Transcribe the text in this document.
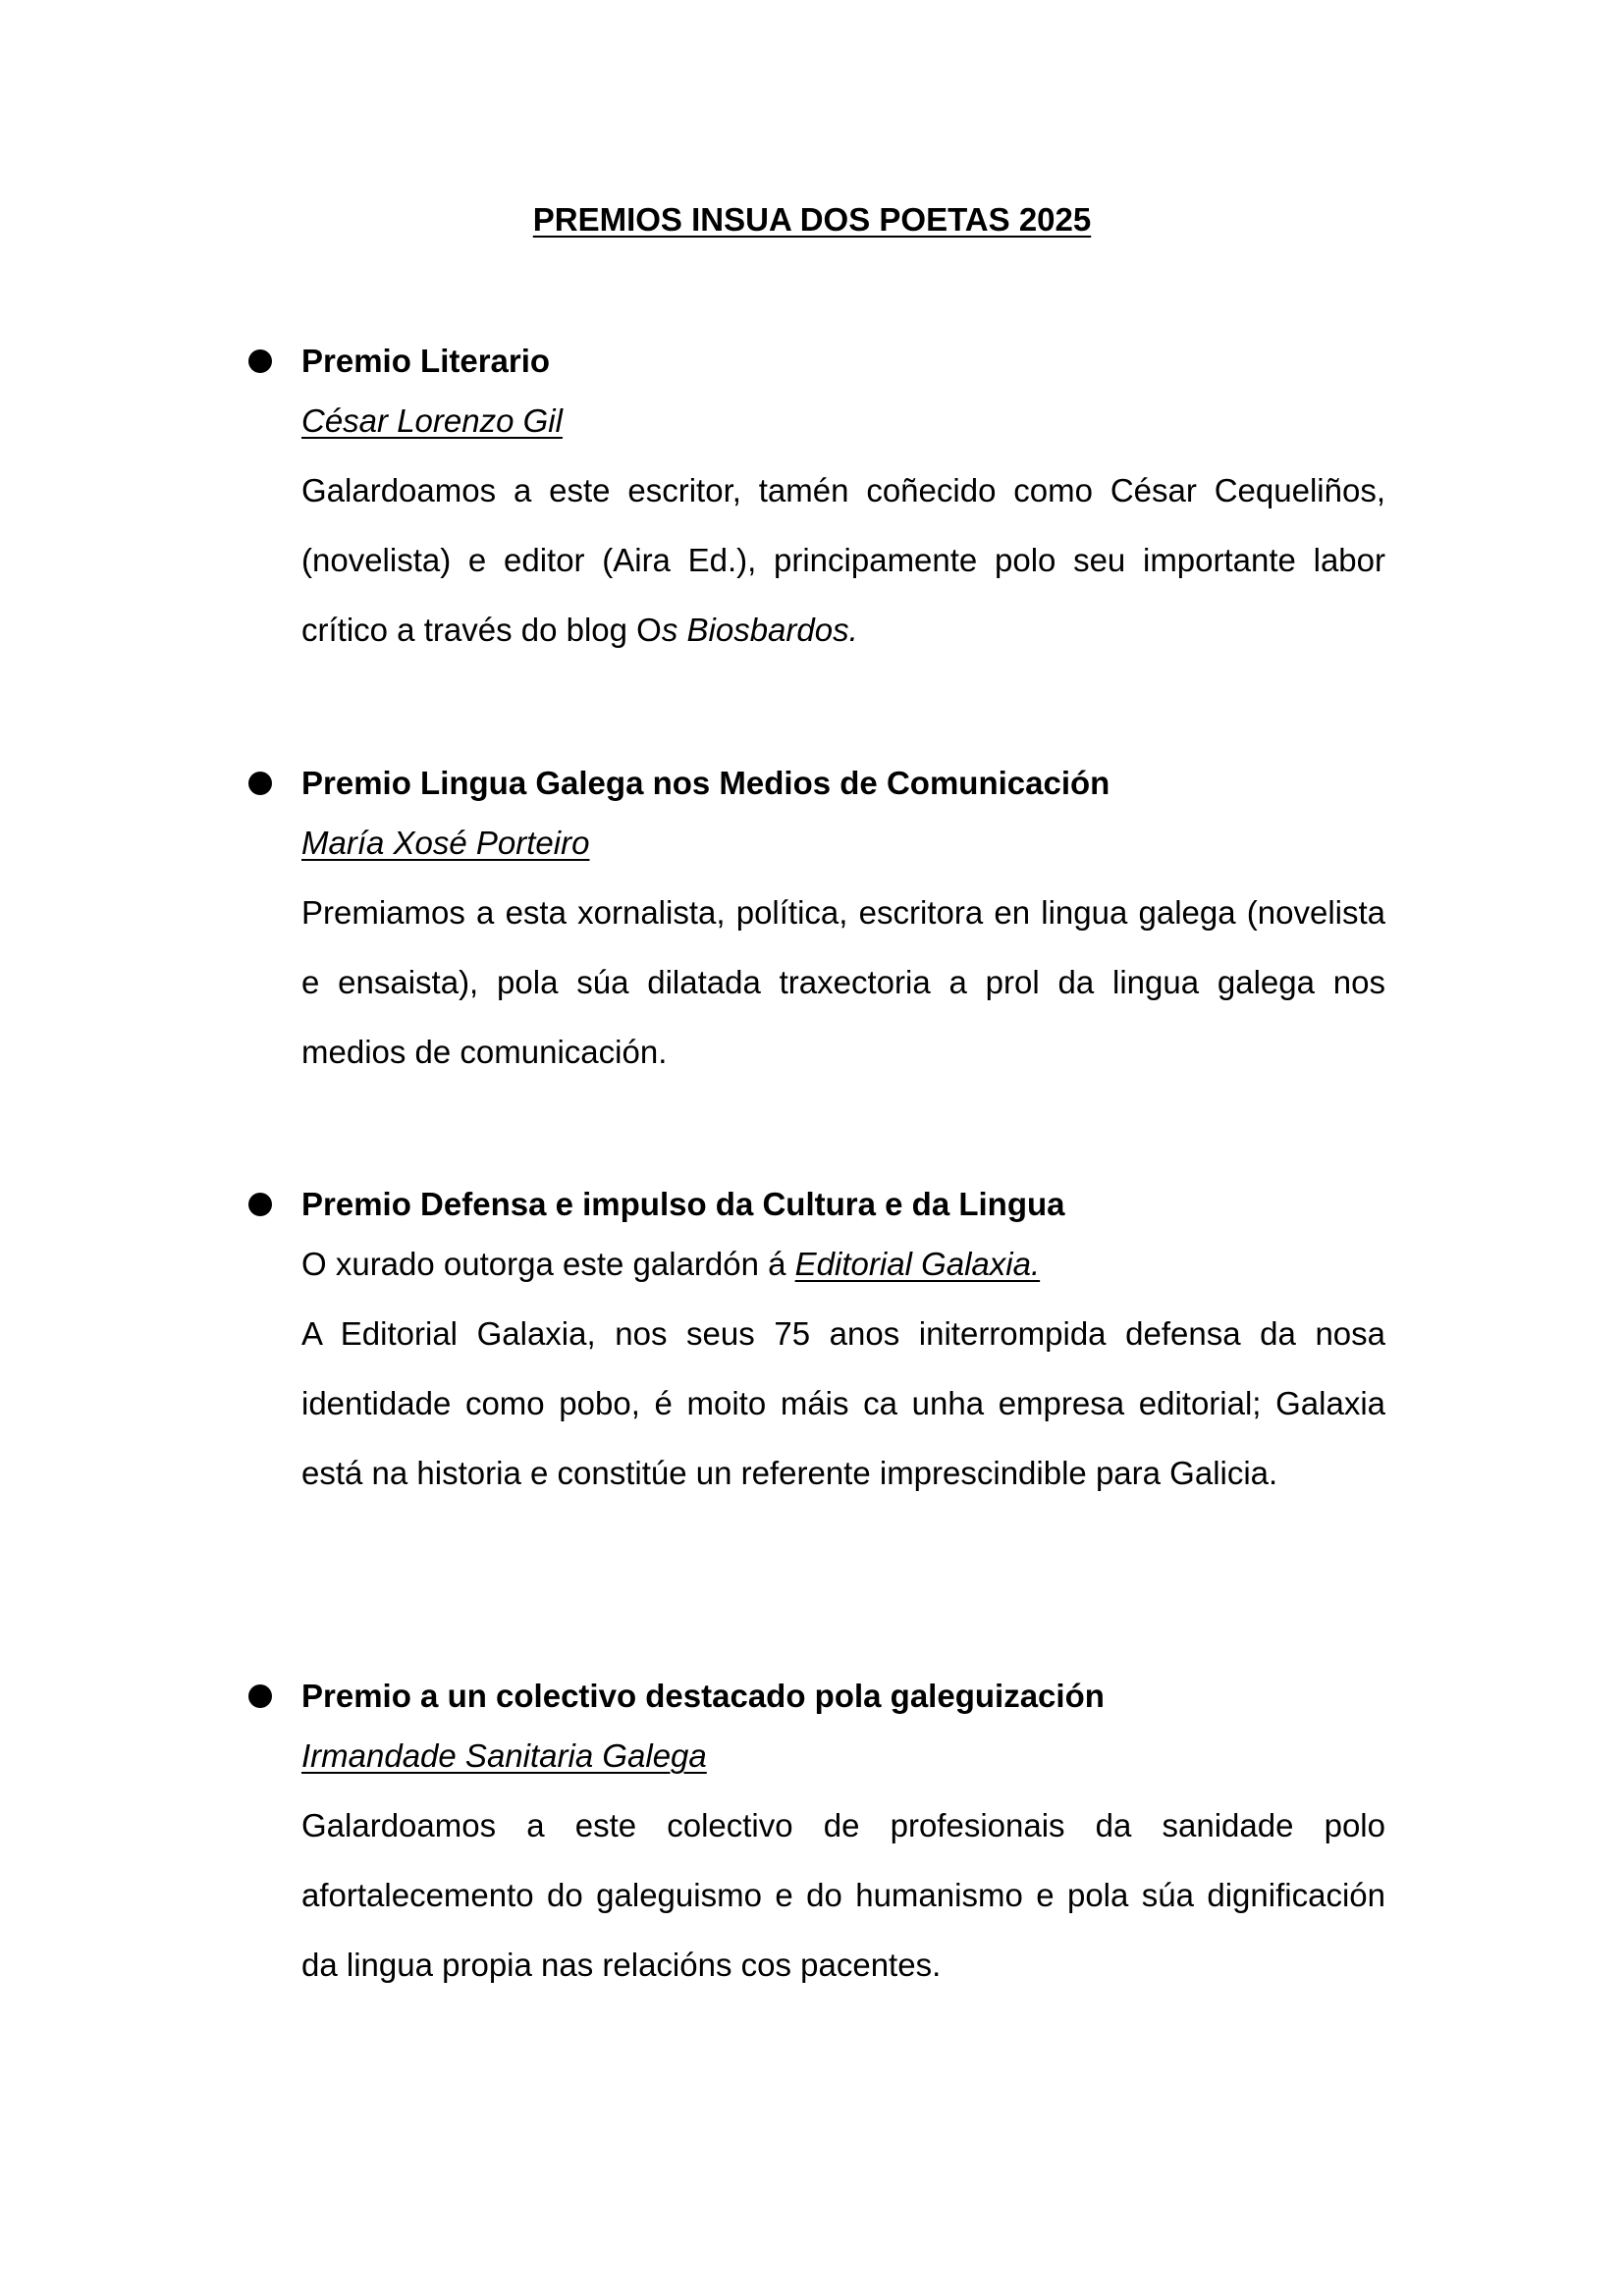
PREMIOS INSUA DOS POETAS 2025

Premio Literario

César Lorenzo Gil

Galardoamos a este escritor, tamén coñecido como César Cequeliños, (novelista) e editor (Aira Ed.), principamente polo seu importante labor crítico a través do blog Os Biosbardos.

Premio Lingua Galega nos Medios de Comunicación

María Xosé Porteiro

Premiamos a esta xornalista, política, escritora en lingua galega (novelista e ensaista), pola súa dilatada traxectoria a prol da lingua galega nos medios de comunicación.

Premio Defensa e impulso da Cultura e da Lingua

O xurado outorga este galardón á Editorial Galaxia.

A Editorial Galaxia, nos seus 75 anos initerrompida defensa da nosa identidade como pobo, é moito máis ca unha empresa editorial; Galaxia está na historia e constitúe un referente imprescindible para Galicia.

Premio a un colectivo destacado pola galeguización

Irmandade Sanitaria Galega

Galardoamos a este colectivo de profesionais da sanidade polo afortalecemento do galeguismo e do humanismo e pola súa dignificación da lingua propia nas relacións cos pacentes.
